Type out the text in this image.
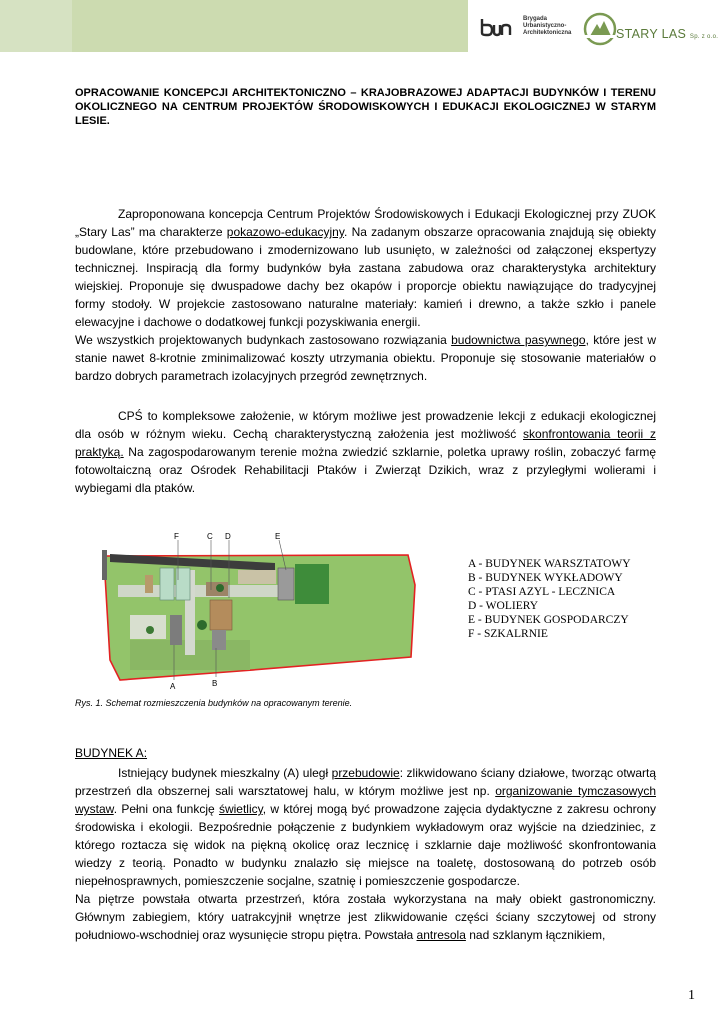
Brygada
Urbanistyczno-
Architektoniczna	STARY LAS Sp. z o.o.
OPRACOWANIE KONCEPCJI ARCHITEKTONICZNO – KRAJOBRAZOWEJ ADAPTACJI BUDYNKÓW I TERENU OKOLICZNEGO NA CENTRUM PROJEKTÓW ŚRODOWISKOWYCH I EDUKACJI EKOLOGICZNEJ W STARYM LESIE.

Zaproponowana koncepcja Centrum Projektów Środowiskowych i Edukacji Ekologicznej przy ZUOK „Stary Las” ma charakterze pokazowo-edukacyjny. Na zadanym obszarze opracowania znajdują się obiekty budowlane, które przebudowano i zmodernizowano lub usunięto, w zależności od załączonej ekspertyzy technicznej. Inspiracją dla formy budynków była zastana zabudowa oraz charakterystyka architektury wiejskiej. Proponuje się dwuspadowe dachy bez okapów i proporcje obiektu nawiązujące do tradycyjnej formy stodoły. W projekcie zastosowano naturalne materiały: kamień i drewno, a także szkło i panele elewacyjne i dachowe o dodatkowej funkcji pozyskiwania energii.

We wszystkich projektowanych budynkach zastosowano rozwiązania budownictwa pasywnego, które jest w stanie nawet 8-krotnie zminimalizować koszty utrzymania obiektu. Proponuje się stosowanie materiałów o bardzo dobrych parametrach izolacyjnych przegród zewnętrznych.

CPŚ to kompleksowe założenie, w którym możliwe jest prowadzenie lekcji z edukacji ekologicznej dla osób w różnym wieku. Cechą charakterystyczną założenia jest możliwość skonfrontowania teorii z praktyką. Na zagospodarowanym terenie można zwiedzić szklarnie, poletka uprawy roślin, zobaczyć farmę fotowoltaiczną oraz Ośrodek Rehabilitacji Ptaków i Zwierząt Dzikich, wraz z przyległymi wolierami i wybiegami dla ptaków.

F	C D	E
A	B
A - BUDYNEK WARSZTATOWY
B - BUDYNEK WYKŁADOWY
C - PTASI AZYL - LECZNICA
D - WOLIERY
E - BUDYNEK GOSPODARCZY
F - SZKALRNIE
Rys. 1. Schemat rozmieszczenia budynków na opracowanym terenie.
BUDYNEK A:

Istniejący budynek mieszkalny (A) uległ przebudowie: zlikwidowano ściany działowe, tworząc otwartą przestrzeń dla obszernej sali warsztatowej halu, w którym możliwe jest np. organizowanie tymczasowych wystaw. Pełni ona funkcję świetlicy, w której mogą być prowadzone zajęcia dydaktyczne z zakresu ochrony środowiska i ekologii. Bezpośrednie połączenie z budynkiem wykładowym oraz wyjście na dziedziniec, z którego roztacza się widok na piękną okolicę oraz lecznicę i szklarnie daje możliwość skonfrontowania wiedzy z teorią. Ponadto w budynku znalazło się miejsce na toaletę, dostosowaną do potrzeb osób niepełnosprawnych, pomieszczenie socjalne, szatnię i pomieszczenie gospodarcze.

Na piętrze powstała otwarta przestrzeń, która została wykorzystana na mały obiekt gastronomiczny. Głównym zabiegiem, który uatrakcyjnił wnętrze jest zlikwidowanie części ściany szczytowej od strony południowo-wschodniej oraz wysunięcie stropu piętra. Powstała antresola nad szklanym łącznikiem,

1
